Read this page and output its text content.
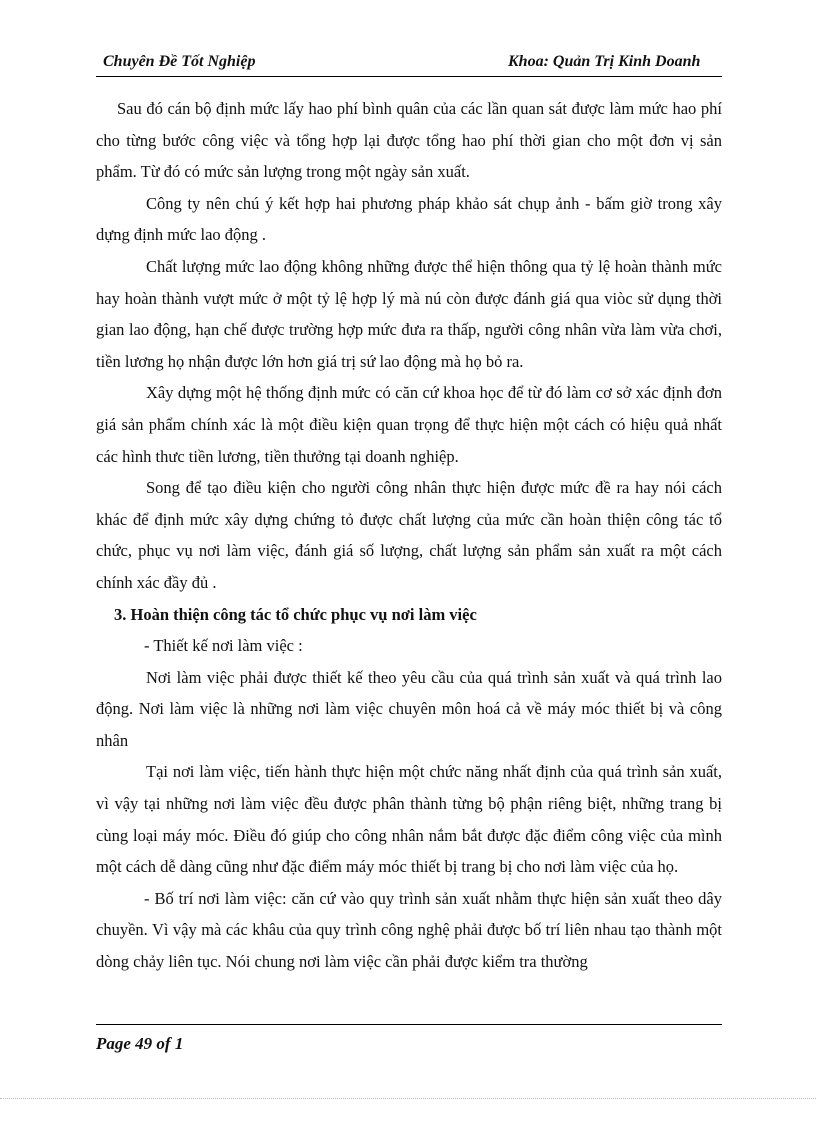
Chuyên Đề Tốt Nghiệp	Khoa: Quản Trị Kinh Doanh

Sau đó cán bộ định mức lấy hao phí bình quân của các lần quan sát được làm mức hao phí cho từng bước công việc và tổng hợp lại được tổng hao phí thời gian cho một đơn vị sản phẩm. Từ đó có mức sản lượng trong một ngày sản xuất.

Công ty nên chú ý kết hợp hai phương pháp khảo sát chụp ảnh - bấm giờ trong xây dựng định mức lao động .

Chất lượng mức lao động không những được thể hiện thông qua tỷ lệ hoàn thành mức hay hoàn thành vượt mức ở một tỷ lệ hợp lý mà nú còn được đánh giá qua viòc sử dụng thời gian lao động, hạn chế được trường hợp mức đưa ra thấp, người công nhân vừa làm vừa chơi, tiền lương họ nhận được lớn hơn giá trị sứ lao động mà họ bỏ ra.

Xây dựng một hệ thống định mức có căn cứ khoa học để từ đó làm cơ sở xác định đơn giá sản phẩm chính xác là một điều kiện quan trọng để thực hiện một cách có hiệu quả nhất các hình thưc tiền lương, tiền thưởng tại doanh nghiệp.

Song để tạo điều kiện cho người công nhân thực hiện được mức đề ra hay nói cách khác để định mức xây dựng chứng tỏ được chất lượng của mức cần hoàn thiện công tác tổ chức, phục vụ nơi làm việc, đánh giá số lượng, chất lượng sản phẩm sản xuất ra một cách chính xác đầy đủ .

3. Hoàn thiện công tác tổ chức phục vụ nơi làm việc

- Thiết kế nơi làm việc :

Nơi làm việc phải được thiết kế theo yêu cầu của quá trình sản xuất và quá trình lao động. Nơi làm việc là những nơi làm việc chuyên môn hoá cả về máy móc thiết bị và công nhân

Tại nơi làm việc, tiến hành thực hiện một chức năng nhất định của quá trình sản xuất, vì vậy tại những nơi làm việc đều được phân thành từng bộ phận riêng biệt, những trang bị cùng loại máy móc. Điều đó giúp cho công nhân nắm bắt được đặc điểm công việc của mình một cách dễ dàng cũng như đặc điểm máy móc thiết bị trang bị cho nơi làm việc của họ.

- Bố trí nơi làm việc: căn cứ vào quy trình sản xuất nhằm thực hiện sản xuất theo dây chuyền. Vì vậy mà các khâu của quy trình công nghệ phải được bố trí liên nhau tạo thành một dòng chảy liên tục. Nói chung nơi làm việc cần phải được kiểm tra thường

Page 49 of 1
